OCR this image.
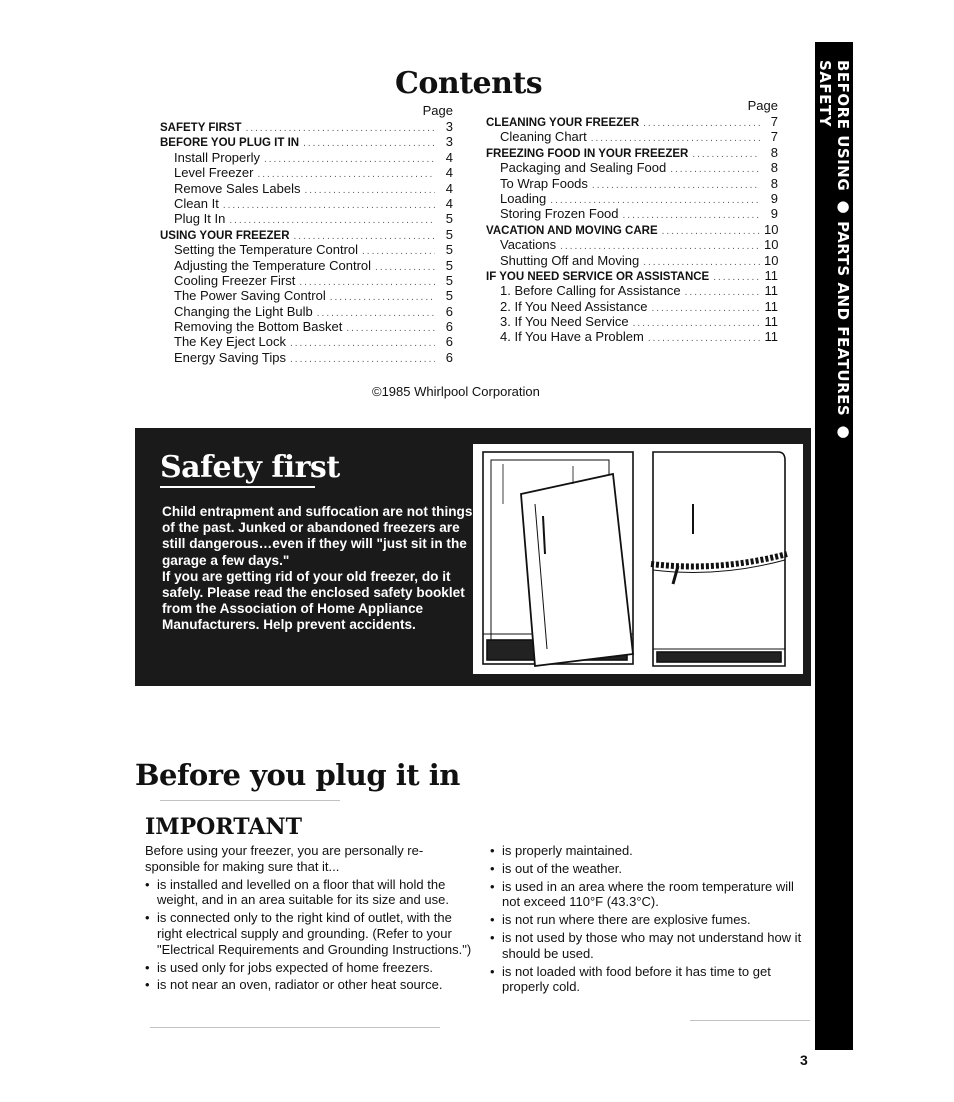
BEFORE USING ● PARTS AND FEATURES ● SAFETY
Contents
Page
SAFETY FIRST .....	3
BEFORE YOU PLUG IT IN .....	3
Install Properly .....	4
Level Freezer .....	4
Remove Sales Labels .....	4
Clean It .....	4
Plug It In .....	5
USING YOUR FREEZER .....	5
Setting the Temperature Control .....	5
Adjusting the Temperature Control .....	5
Cooling Freezer First .....	5
The Power Saving Control .....	5
Changing the Light Bulb .....	6
Removing the Bottom Basket .....	6
The Key Eject Lock .....	6
Energy Saving Tips .....	6
Page
CLEANING YOUR FREEZER .....	7
Cleaning Chart .....	7
FREEZING FOOD IN YOUR FREEZER .....	8
Packaging and Sealing Food .....	8
To Wrap Foods .....	8
Loading .....	9
Storing Frozen Food .....	9
VACATION AND MOVING CARE .....	10
Vacations .....	10
Shutting Off and Moving .....	10
IF YOU NEED SERVICE OR ASSISTANCE .....	11
1. Before Calling for Assistance .....	11
2. If You Need Assistance .....	11
3. If You Need Service .....	11
4. If You Have a Problem .....	11
©1985 Whirlpool Corporation
Safety first

Child entrapment and suffocation are not things of the past. Junked or abandoned freezers are still dangerous…even if they will "just sit in the garage a few days."

If you are getting rid of your old freezer, do it safely. Please read the enclosed safety booklet from the Association of Home Appliance Manufacturers. Help prevent accidents.

Before you plug it in
IMPORTANT

Before using your freezer, you are personally responsible for making sure that it...

• is installed and levelled on a floor that will hold the weight, and in an area suitable for its size and use.
• is connected only to the right kind of outlet, with the right electrical supply and grounding. (Refer to your "Electrical Requirements and Grounding Instructions.")
• is used only for jobs expected of home freezers.
• is not near an oven, radiator or other heat source.
• is properly maintained.
• is out of the weather.
• is used in an area where the room temperature will not exceed 110°F (43.3°C).
• is not run where there are explosive fumes.
• is not used by those who may not understand how it should be used.
• is not loaded with food before it has time to get properly cold.
3
